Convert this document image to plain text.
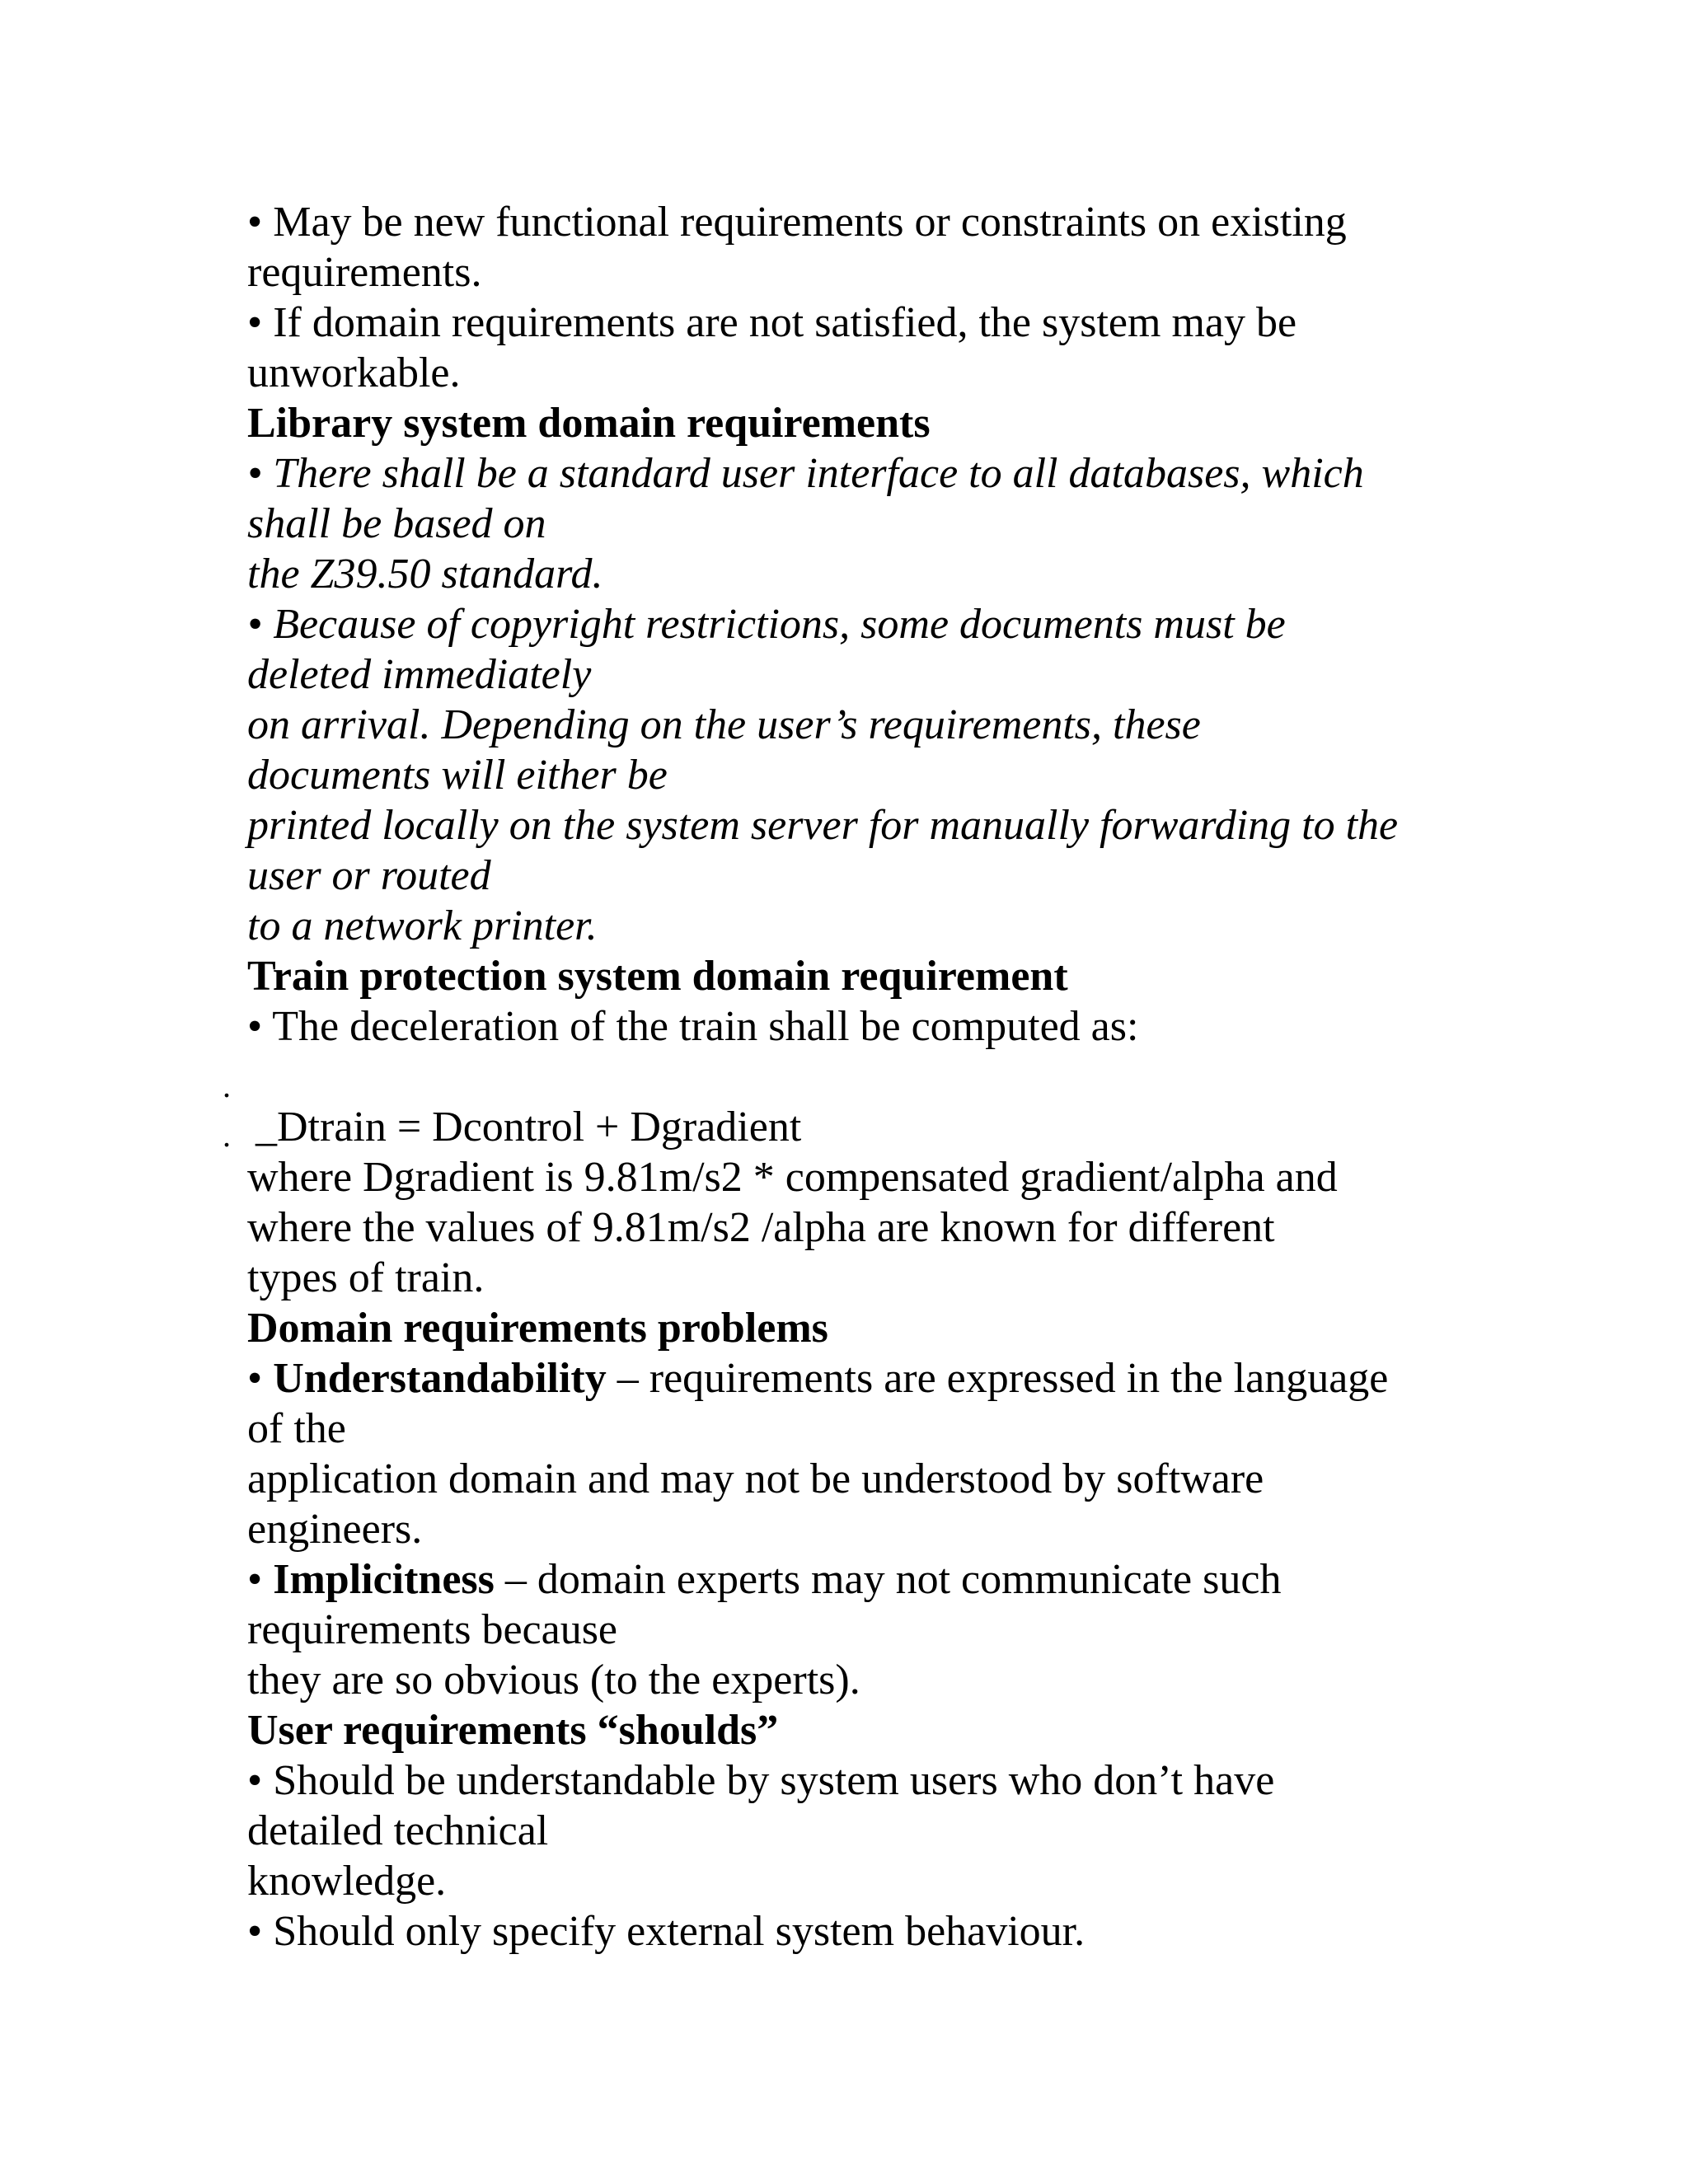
• May be new functional requirements or constraints on existing
requirements.
• If domain requirements are not satisfied, the system may be
unworkable.
Library system domain requirements
• There shall be a standard user interface to all databases, which
shall be based on
the Z39.50 standard.
• Because of copyright restrictions, some documents must be
deleted immediately
on arrival. Depending on the user’s requirements, these
documents will either be
printed locally on the system server for manually forwarding to the
user or routed
to a network printer.
Train protection system domain requirement
• The deceleration of the train shall be computed as:
.
. _Dtrain = Dcontrol + Dgradient
where Dgradient is 9.81m/s2 * compensated gradient/alpha and
where the values of 9.81m/s2 /alpha are known for different
types of train.
Domain requirements problems
• Understandability – requirements are expressed in the language
of the
application domain and may not be understood by software
engineers.
• Implicitness – domain experts may not communicate such
requirements because
they are so obvious (to the experts).
User requirements “shoulds”
• Should be understandable by system users who don’t have
detailed technical
knowledge.
• Should only specify external system behaviour.
